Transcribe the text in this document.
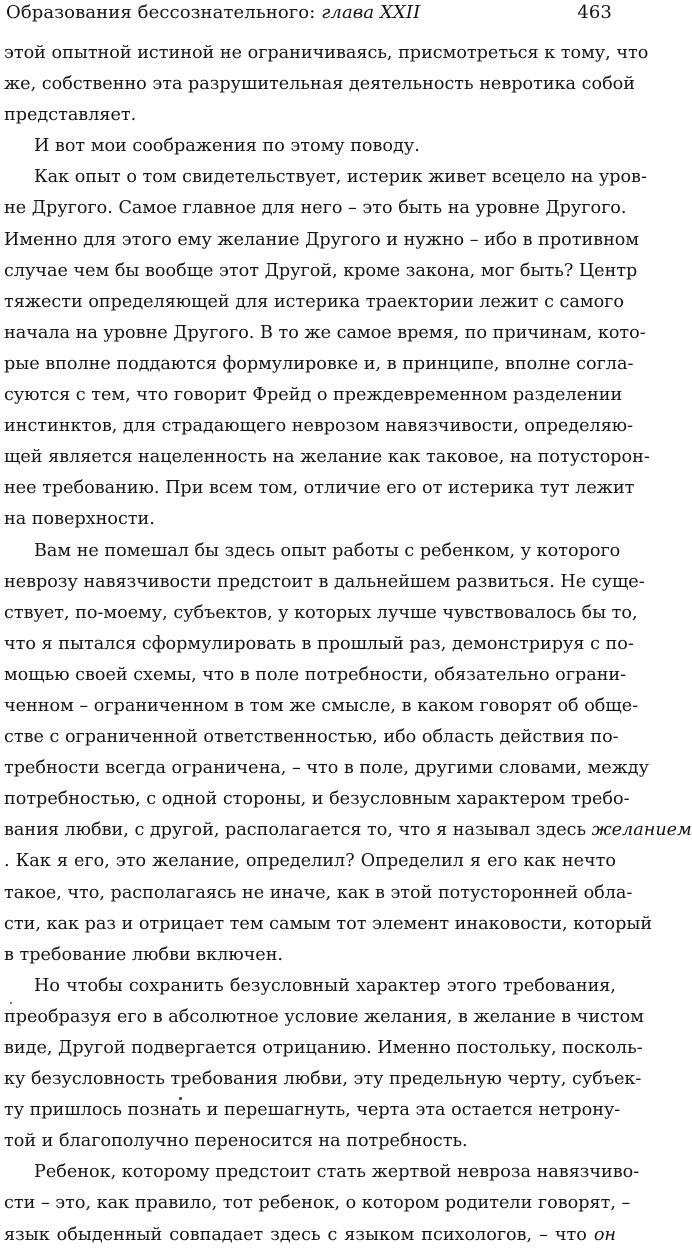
Образования бессознательного: глава XXII	463
этой опытной истиной не ограничиваясь, присмотреться к тому, что
же, собственно эта разрушительная деятельность невротика собой
представляет.
И вот мои соображения по этому поводу.
Как опыт о том свидетельствует, истерик живет всецело на уров-
не Другого. Самое главное для него – это быть на уровне Другого.
Именно для этого ему желание Другого и нужно – ибо в противном
случае чем бы вообще этот Другой, кроме закона, мог быть? Центр
тяжести определяющей для истерика траектории лежит с самого
начала на уровне Другого. В то же самое время, по причинам, кото-
рые вполне поддаются формулировке и, в принципе, вполне согла-
суются с тем, что говорит Фрейд о преждевременном разделении
инстинктов, для страдающего неврозом навязчивости, определяю-
щей является нацеленность на желание как таковое, на потусторон-
нее требованию. При всем том, отличие его от истерика тут лежит
на поверхности.
Вам не помешал бы здесь опыт работы с ребенком, у которого
неврозу навязчивости предстоит в дальнейшем развиться. Не суще-
ствует, по-моему, субъектов, у которых лучше чувствовалось бы то,
что я пытался сформулировать в прошлый раз, демонстрируя с по-
мощью своей схемы, что в поле потребности, обязательно ограни-
ченном – ограниченном в том же смысле, в каком говорят об обще-
стве с ограниченной ответственностью, ибо область действия по-
требности всегда ограничена, – что в поле, другими словами, между
потребностью, с одной стороны, и безусловным характером требо-
вания любви, с другой, располагается то, что я называл здесь желанием
. Как я его, это желание, определил? Определил я его как нечто
такое, что, располагаясь не иначе, как в этой потусторонней обла-
сти, как раз и отрицает тем самым тот элемент инаковости, который
в требование любви включен.
Но чтобы сохранить безусловный характер этого требования,
преобразуя его в абсолютное условие желания, в желание в чистом
виде, Другой подвергается отрицанию. Именно постольку, посколь-
ку безусловность требования любви, эту предельную черту, субъек-
ту пришлось познать и перешагнуть, черта эта остается нетрону-
той и благополучно переносится на потребность.
Ребенок, которому предстоит стать жертвой невроза навязчиво-
сти – это, как правило, тот ребенок, о котором родители говорят, –
язык обыденный совпадает здесь с языком психологов, – что он
